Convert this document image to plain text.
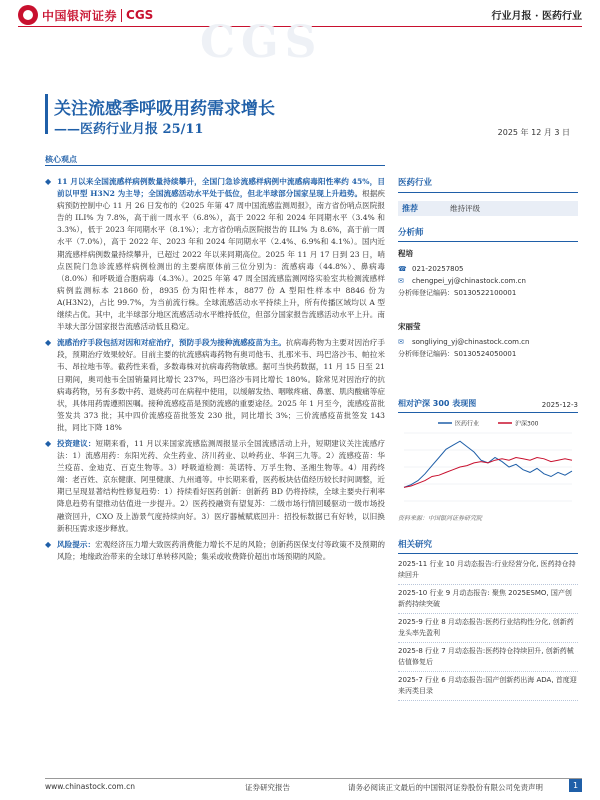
中国银河证券 CGS	行业月报 · 医药行业
CGS
关注流感季呼吸用药需求增长
——医药行业月报 25/11	2025 年 12 月 3 日
核心观点
◆ 11 月以来全国流感样病例数量持续攀升，全国门急诊流感样病例中流感病毒阳性率约 45%，目前以甲型 H3N2 为主导；全国流感活动水平处于低位，但北半球部分国家呈现上升趋势。根据疾病预防控制中心 11 月 26 日发布的《2025 年第 47 周中国流感监测周报》，南方省份哨点医院报告的 ILI% 为 7.8%，高于前一周水平（6.8%），高于 2022 年和 2024 年同期水平（3.4% 和 3.3%），低于 2023 年同期水平（8.1%）；北方省份哨点医院报告的 ILI% 为 8.6%，高于前一周水平（7.0%），高于 2022 年、2023 年和 2024 年同期水平（2.4%、6.9%和 4.1%）。国内近期流感样病例数量持续攀升，已超过 2022 年以来同期高位。2025 年 11 月 17 日到 23 日，哨点医院门急诊流感样病例检测出的主要病原体前三位分别为：流感病毒（44.8%）、鼻病毒（8.0%）和呼吸道合胞病毒（4.3%）。2025 年第 47 周全国流感监测网络实验室共检测流感样病例监测标本 21860 份，8935 份为阳性样本，8877 份 A 型阳性样本中 8846 份为 A(H3N2)，占比 99.7%，为当前流行株。全球流感活动水平持续上升，所有传播区域均以 A 型继续占优。其中，北半球部分地区流感活动水平维持低位，但部分国家报告流感活动水平上升。南半球大部分国家报告流感活动低且稳定。
◆ 流感治疗手段包括对因和对症治疗，预防手段为接种流感疫苗为主。抗病毒药物为主要对因治疗手段，预期治疗效果较好。目前主要的抗流感病毒药物有奥司他韦、扎那米韦、玛巴洛沙韦、帕拉米韦、昂拉地韦等。截药性来看，多数毒株对抗病毒药物敏感。据可当快药数据，11 月 15 日至 21 日期间，奥司他韦全国销量同比增长 237%，玛巴洛沙韦同比增长 180%。除常见对因治疗的抗病毒药物，另有多数中药、退烧药可在病程中使用，以缓解发热、咽喉疼痛、鼻塞、肌肉酸痛等症状，具体用药需遵照医嘱。接种流感疫苗是预防流感的重要途径。2025 年 1 月至今，流感疫苗批签发共 373 批；其中四价流感疫苗批签发 230 批，同比增长 3%；三价流感疫苗批签发 143 批，同比下降 18%
◆ 投资建议：短期来看，11 月以来国家流感监测周报显示全国流感活动上升，短期建议关注流感疗法：1）流感用药：东阳光药、众生药业、济川药业、以岭药业、华润三九等。2）流感疫苗：华兰疫苗、金迪克、百克生物等。3）呼吸道检测：英诺特、万孚生物、圣湘生物等。4）用药终端：老百姓、京东健康、阿里健康、九州通等。中长期来看，医药板块估值经历较长时间调整，近期已呈现显著结构性修复趋势：1）持续看好医药创新：创新药 BD 仍将持续，全球主要央行利率降息趋势有望推动估值进一步提升。2）医药投融资有望复苏：二级市场行情回暖驱动一级市场投融资回升，CXO 及上游景气度持续向好。3）医疗器械赋底回升：招投标数据已有好转，以旧换新积压需求逐步释放。
◆ 风险提示：宏观经济压力增大致医药消费能力增长不足的风险；创新药医保支付等政策不及预期的风险；地缘政治带来的全球订单转移风险；集采或收费降价超出市场预期的风险。
医药行业
推荐	维持评级
分析师
程培
☎ 021-20257805
✉	chengpei_yj@chinastock.com.cn
分析师登记编码：S0130522100001
宋丽莹
✉	songliying_yj@chinastock.com.cn
分析师登记编码：S0130524050001
相对沪深 300 表现图	2025-12-3
医药行业	沪深300
资料来源：中国银河证券研究院
相关研究
2025-11 行业 10 月动态报告:行业经营分化, 医药持仓持续回升
2025-10 行业 9 月动态报告: 聚焦 2025ESMO, 国产创新药持续突破
2025-9 行业 8 月动态报告:医药行业结构性分化, 创新药龙头率先盈利
2025-8 行业 7 月动态报告:医药持仓持续回升, 创新药械估值修复后
2025-7 行业 6 月动态报告:国产创新药出海 ADA, 首度迎来丙类目录
www.chinastock.com.cn	证券研究报告	请务必阅读正文最后的中国银河证券股份有限公司免责声明	1
